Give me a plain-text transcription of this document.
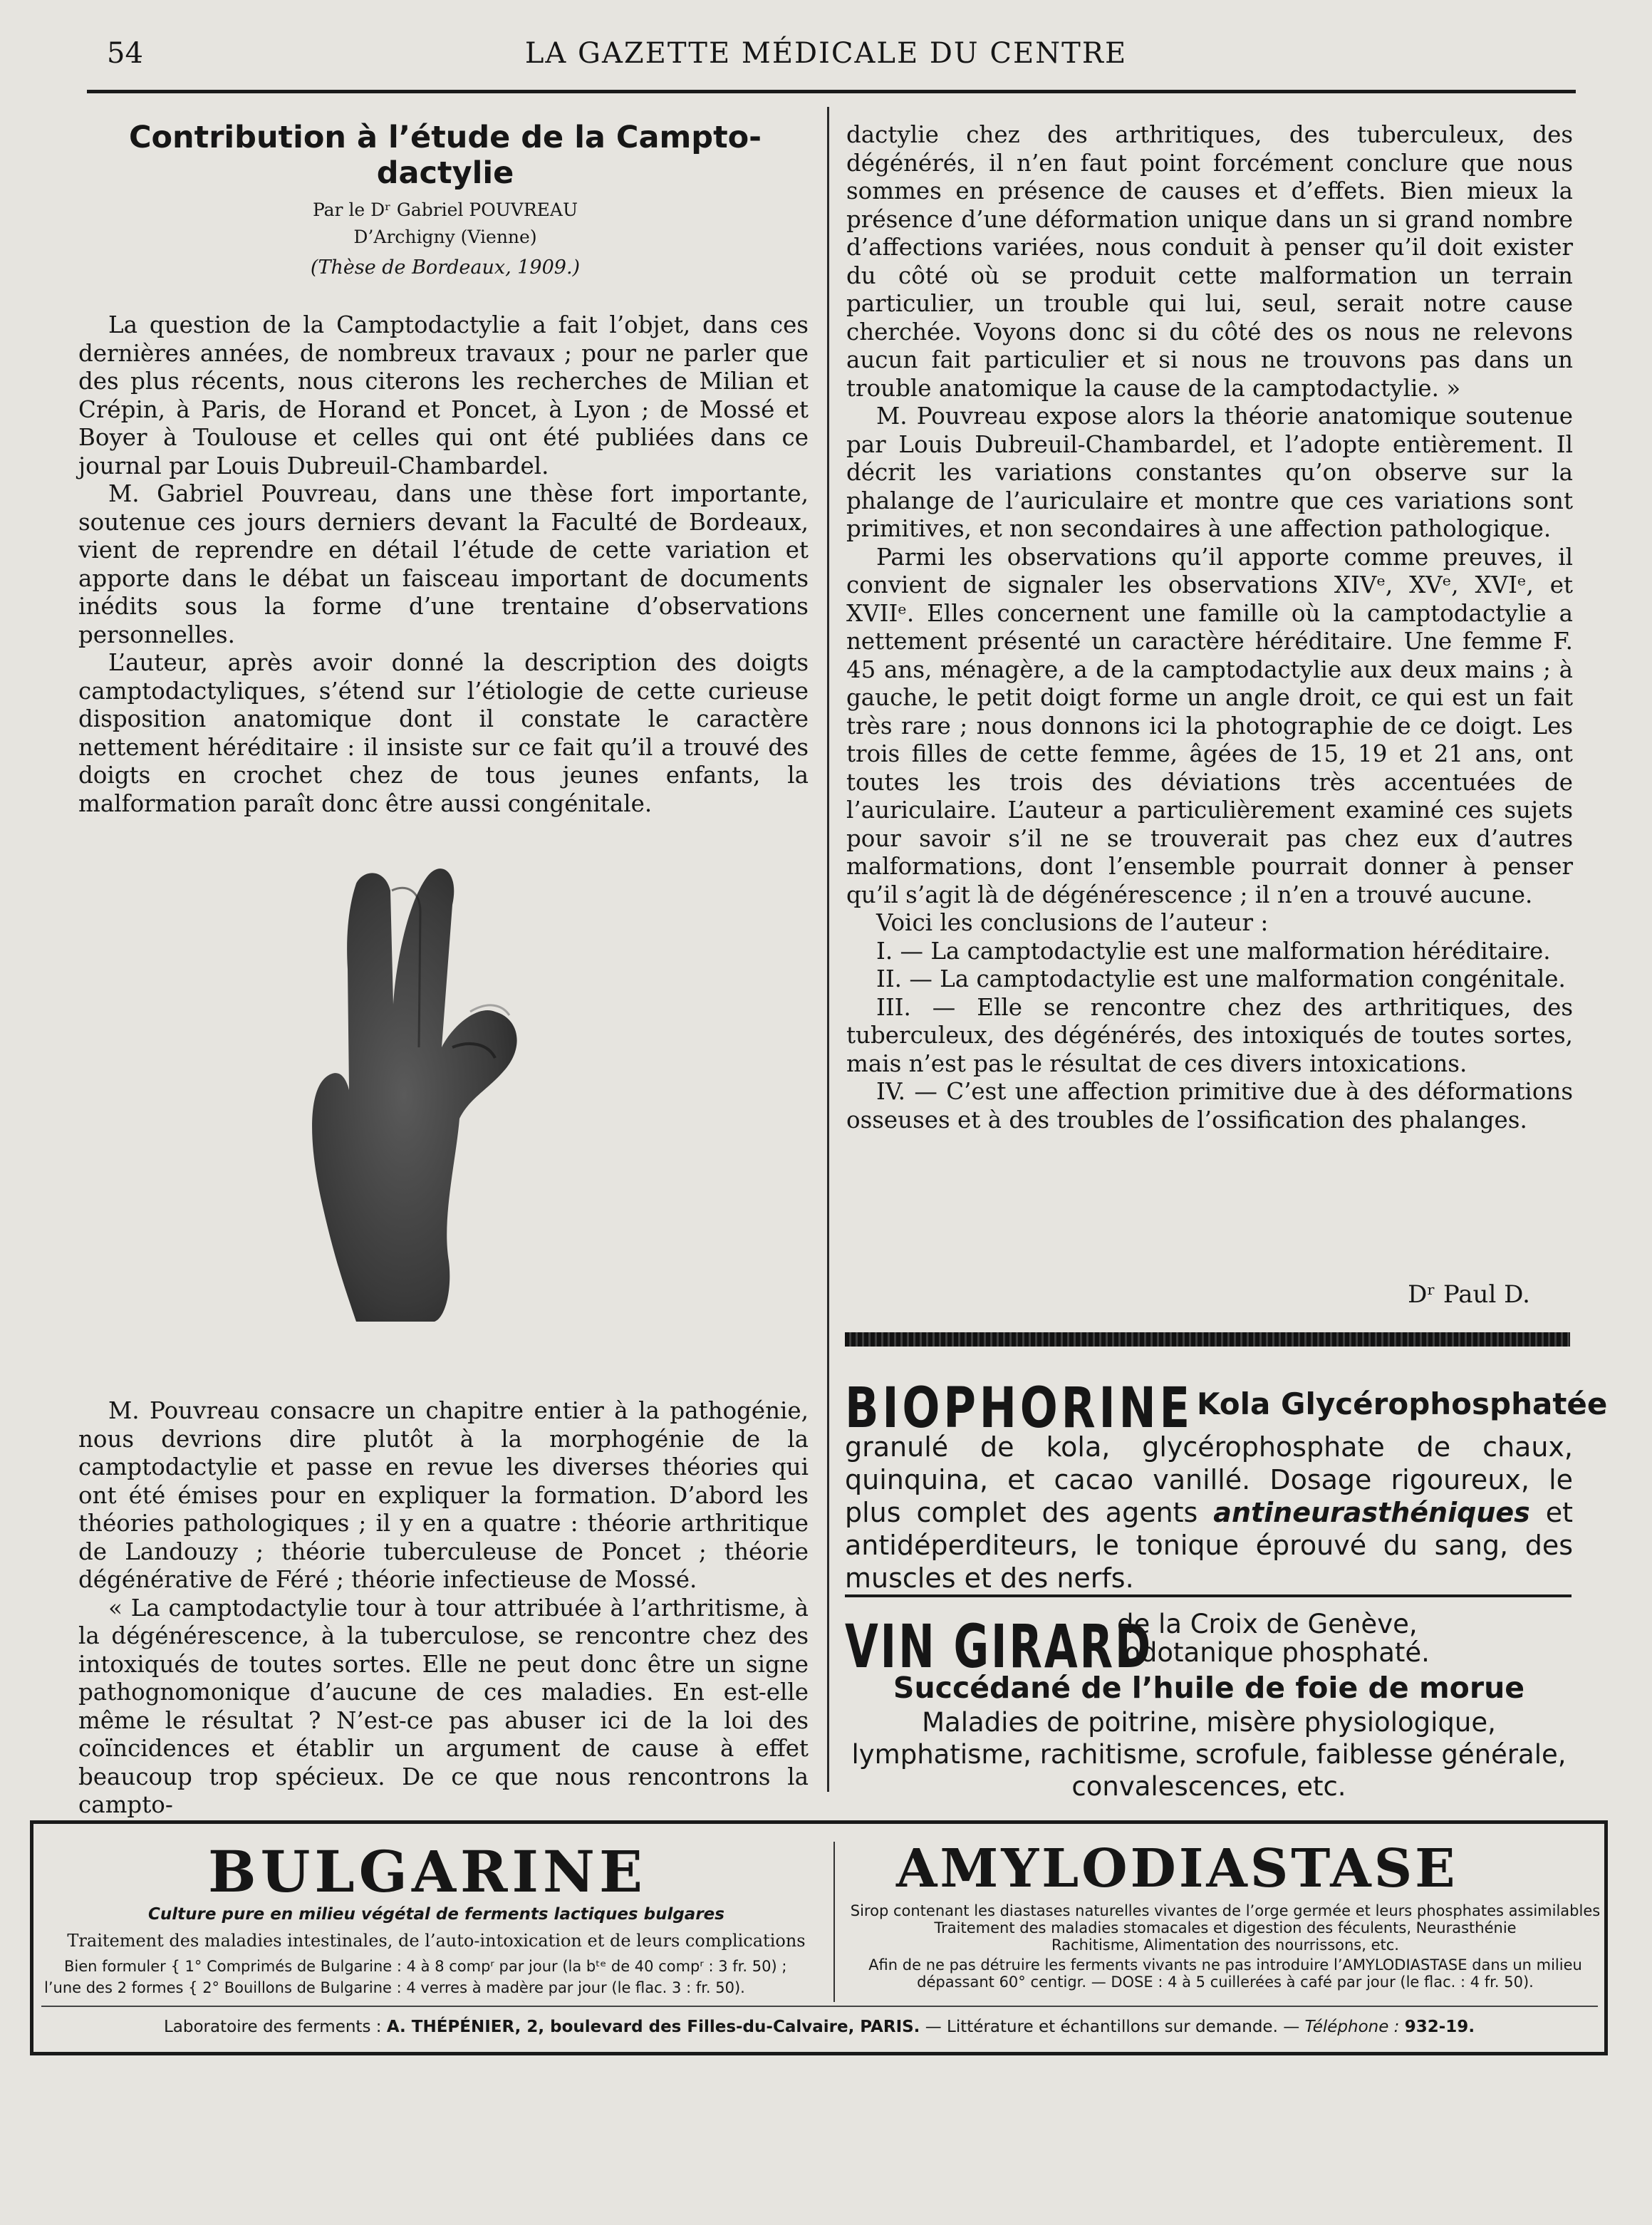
54	LA GAZETTE MÉDICALE DU CENTRE
Contribution à l’étude de la Campto-
dactylie
Par le Dʳ Gabriel POUVREAU
D’Archigny (Vienne)
(Thèse de Bordeaux, 1909.)

La question de la Camptodactylie a fait l’objet, dans ces dernières années, de nombreux travaux ; pour ne parler que des plus récents, nous citerons les recherches de Milian et Crépin, à Paris, de Horand et Poncet, à Lyon ; de Mossé et Boyer à Toulouse et celles qui ont été publiées dans ce journal par Louis Dubreuil-Chambardel.

M. Gabriel Pouvreau, dans une thèse fort importante, soutenue ces jours derniers devant la Faculté de Bordeaux, vient de reprendre en détail l’étude de cette variation et apporte dans le débat un faisceau important de documents inédits sous la forme d’une trentaine d’observations personnelles.

L’auteur, après avoir donné la description des doigts camptodactyliques, s’étend sur l’étiologie de cette curieuse disposition anatomique dont il constate le caractère nettement héréditaire : il insiste sur ce fait qu’il a trouvé des doigts en crochet chez de tous jeunes enfants, la malformation paraît donc être aussi congénitale.

M. Pouvreau consacre un chapitre entier à la pathogénie, nous devrions dire plutôt à la morphogénie de la camptodactylie et passe en revue les diverses théories qui ont été émises pour en expliquer la formation. D’abord les théories pathologiques ; il y en a quatre : théorie arthritique de Landouzy ; théorie tuberculeuse de Poncet ; théorie dégénérative de Féré ; théorie infectieuse de Mossé.

« La camptodactylie tour à tour attribuée à l’arthritisme, à la dégénérescence, à la tuberculose, se rencontre chez des intoxiqués de toutes sortes. Elle ne peut donc être un signe pathognomonique d’aucune de ces maladies. En est-elle même le résultat ? N’est-ce pas abuser ici de la loi des coïncidences et établir un argument de cause à effet beaucoup trop spécieux. De ce que nous rencontrons la campto-

dactylie chez des arthritiques, des tuberculeux, des dégénérés, il n’en faut point forcément conclure que nous sommes en présence de causes et d’effets. Bien mieux la présence d’une déformation unique dans un si grand nombre d’affections variées, nous conduit à penser qu’il doit exister du côté où se produit cette malformation un terrain particulier, un trouble qui lui, seul, serait notre cause cherchée. Voyons donc si du côté des os nous ne relevons aucun fait particulier et si nous ne trouvons pas dans un trouble anatomique la cause de la camptodactylie. »

M. Pouvreau expose alors la théorie anatomique soutenue par Louis Dubreuil-Chambardel, et l’adopte entièrement. Il décrit les variations constantes qu’on observe sur la phalange de l’auriculaire et montre que ces variations sont primitives, et non secondaires à une affection pathologique.

Parmi les observations qu’il apporte comme preuves, il convient de signaler les observations XIVᵉ, XVᵉ, XVIᵉ, et XVIIᵉ. Elles concernent une famille où la camptodactylie a nettement présenté un caractère héréditaire. Une femme F. 45 ans, ménagère, a de la camptodactylie aux deux mains ; à gauche, le petit doigt forme un angle droit, ce qui est un fait très rare ; nous donnons ici la photographie de ce doigt. Les trois filles de cette femme, âgées de 15, 19 et 21 ans, ont toutes les trois des déviations très accentuées de l’auriculaire. L’auteur a particulièrement examiné ces sujets pour savoir s’il ne se trouverait pas chez eux d’autres malformations, dont l’ensemble pourrait donner à penser qu’il s’agit là de dégénérescence ; il n’en a trouvé aucune.

Voici les conclusions de l’auteur :

I. — La camptodactylie est une malformation héréditaire.

II. — La camptodactylie est une malformation congénitale.

III. — Elle se rencontre chez des arthritiques, des tuberculeux, des dégénérés, des intoxiqués de toutes sortes, mais n’est pas le résultat de ces divers intoxications.

IV. — C’est une affection primitive due à des déformations osseuses et à des troubles de l’ossification des phalanges.

Dʳ Paul D.
BIOPHORINE Kola Glycérophosphatée
granulé de kola, glycérophosphate de chaux, quinquina, et cacao vanillé. Dosage rigoureux, le plus complet des agents antineurasthéniques et antidéperditeurs, le tonique éprouvé du sang, des muscles et des nerfs.
VIN GIRARD
de la Croix de Genève, iodotanique phosphaté.
Succédané de l’huile de foie de morue
Maladies de poitrine, misère physiologique, lymphatisme, rachitisme, scrofule, faiblesse générale, convalescences, etc.
BULGARINE
Culture pure en milieu végétal de ferments lactiques bulgares
Traitement des maladies intestinales, de l’auto-intoxication et de leurs complications
Bien formuler { 1° Comprimés de Bulgarine : 4 à 8 compʳ par jour (la bᵗᵉ de 40 compʳ : 3 fr. 50) ;
l’une des 2 formes { 2° Bouillons de Bulgarine : 4 verres à madère par jour (le flac. 3 : fr. 50).
AMYLODIASTASE
Sirop contenant les diastases naturelles vivantes de l’orge germée et leurs phosphates assimilables
Traitement des maladies stomacales et digestion des féculents, Neurasthénie
Rachitisme, Alimentation des nourrissons, etc.
Afin de ne pas détruire les ferments vivants ne pas introduire l’AMYLODIASTASE dans un milieu
dépassant 60° centigr. — DOSE : 4 à 5 cuillerées à café par jour (le flac. : 4 fr. 50).
Laboratoire des ferments : A. THÉPÉNIER, 2, boulevard des Filles-du-Calvaire, PARIS. — Littérature et échantillons sur demande. — Téléphone : 932-19.
